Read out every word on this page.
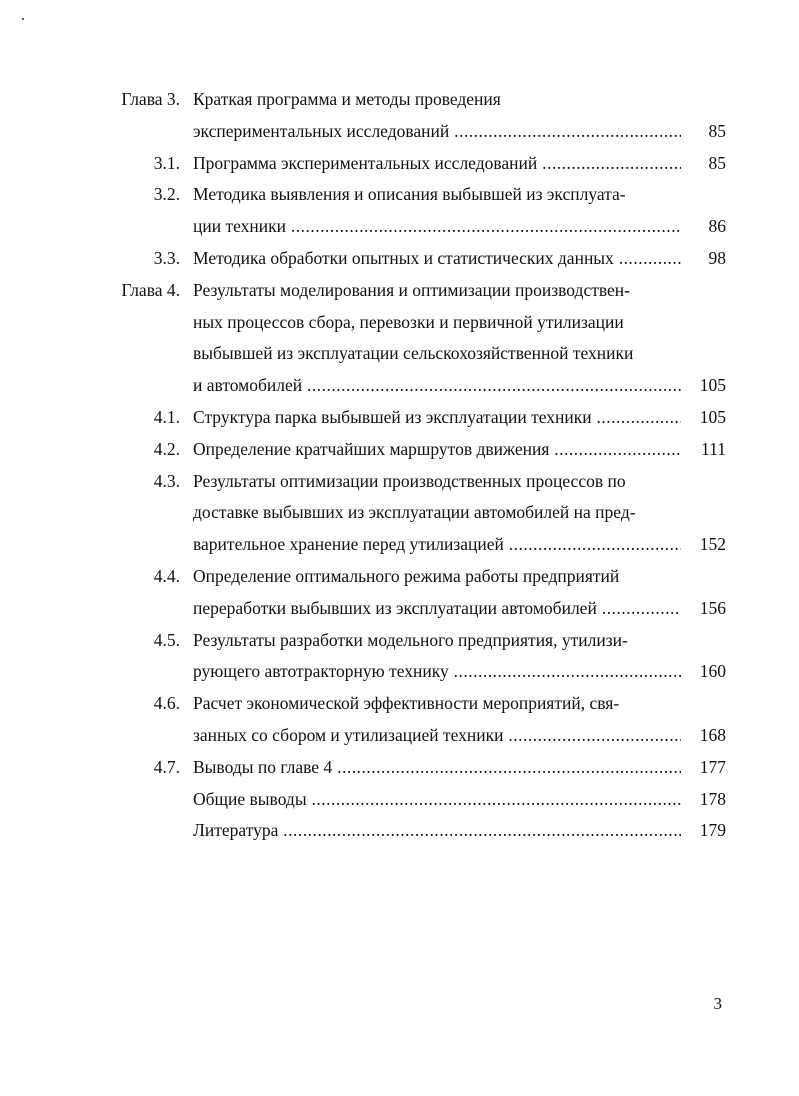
Глава 3. Краткая программа и методы проведения
экспериментальных исследований .....	85
3.1. Программа экспериментальных исследований .....	85
3.2. Методика выявления и описания выбывшей из эксплуата-
ции техники .....	86
3.3. Методика обработки опытных и статистических данных .....	98
Глава 4. Результаты моделирования и оптимизации производствен-
ных процессов сбора, перевозки и первичной утилизации
выбывшей из эксплуатации сельскохозяйственной техники
и автомобилей .....	105
4.1. Структура парка выбывшей из эксплуатации техники .....	105
4.2. Определение кратчайших маршрутов движения .....	111
4.3. Результаты оптимизации производственных процессов по
доставке выбывших из эксплуатации автомобилей на пред-
варительное хранение перед утилизацией .....	152
4.4. Определение оптимального режима работы предприятий
переработки выбывших из эксплуатации автомобилей .....	156
4.5. Результаты разработки модельного предприятия, утилизи-
рующего автотракторную технику .....	160
4.6. Расчет экономической эффективности мероприятий, свя-
занных со сбором и утилизацией техники .....	168
4.7. Выводы по главе 4 .....	177
Общие выводы .....	178
Литература .....	179
3
